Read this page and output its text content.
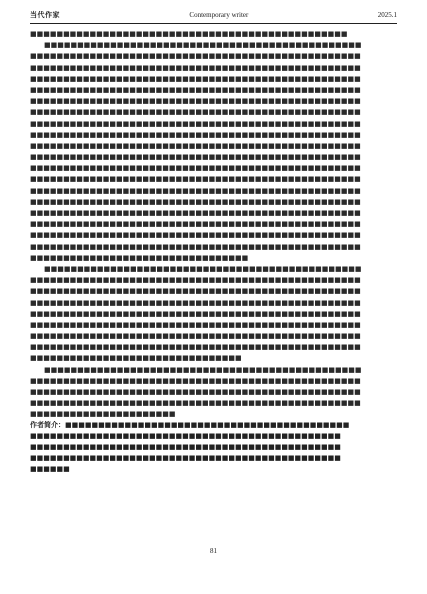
当代作家	Contemporary writer	2025.1
■■■■■■■■■■■■■■■■■■■■■■■■■■■■■■■■■■■■■■■■■■■■■■■■
■■■■■■■■■■■■■■■■■■■■■■■■■■■■■■■■■■■■■■■■■■■■■■■■
■■■■■■■■■■■■■■■■■■■■■■■■■■■■■■■■■■■■■■■■■■■■■■■■■■
■■■■■■■■■■■■■■■■■■■■■■■■■■■■■■■■■■■■■■■■■■■■■■■■■■
■■■■■■■■■■■■■■■■■■■■■■■■■■■■■■■■■■■■■■■■■■■■■■■■■■
■■■■■■■■■■■■■■■■■■■■■■■■■■■■■■■■■■■■■■■■■■■■■■■■■■
■■■■■■■■■■■■■■■■■■■■■■■■■■■■■■■■■■■■■■■■■■■■■■■■■■
■■■■■■■■■■■■■■■■■■■■■■■■■■■■■■■■■■■■■■■■■■■■■■■■■■
■■■■■■■■■■■■■■■■■■■■■■■■■■■■■■■■■■■■■■■■■■■■■■■■■■
■■■■■■■■■■■■■■■■■■■■■■■■■■■■■■■■■■■■■■■■■■■■■■■■■■
■■■■■■■■■■■■■■■■■■■■■■■■■■■■■■■■■■■■■■■■■■■■■■■■■■
■■■■■■■■■■■■■■■■■■■■■■■■■■■■■■■■■■■■■■■■■■■■■■■■■■
■■■■■■■■■■■■■■■■■■■■■■■■■■■■■■■■■■■■■■■■■■■■■■■■■■
■■■■■■■■■■■■■■■■■■■■■■■■■■■■■■■■■■■■■■■■■■■■■■■■■■
■■■■■■■■■■■■■■■■■■■■■■■■■■■■■■■■■■■■■■■■■■■■■■■■■■
■■■■■■■■■■■■■■■■■■■■■■■■■■■■■■■■■■■■■■■■■■■■■■■■■■
■■■■■■■■■■■■■■■■■■■■■■■■■■■■■■■■■■■■■■■■■■■■■■■■■■
■■■■■■■■■■■■■■■■■■■■■■■■■■■■■■■■■■■■■■■■■■■■■■■■■■
■■■■■■■■■■■■■■■■■■■■■■■■■■■■■■■■■■■■■■■■■■■■■■■■■■
■■■■■■■■■■■■■■■■■■■■■■■■■■■■■■■■■■■■■■■■■■■■■■■■■■
■■■■■■■■■■■■■■■■■■■■■■■■■■■■■■■■■
■■■■■■■■■■■■■■■■■■■■■■■■■■■■■■■■■■■■■■■■■■■■■■■■
■■■■■■■■■■■■■■■■■■■■■■■■■■■■■■■■■■■■■■■■■■■■■■■■■■
■■■■■■■■■■■■■■■■■■■■■■■■■■■■■■■■■■■■■■■■■■■■■■■■■■
■■■■■■■■■■■■■■■■■■■■■■■■■■■■■■■■■■■■■■■■■■■■■■■■■■
■■■■■■■■■■■■■■■■■■■■■■■■■■■■■■■■■■■■■■■■■■■■■■■■■■
■■■■■■■■■■■■■■■■■■■■■■■■■■■■■■■■■■■■■■■■■■■■■■■■■■
■■■■■■■■■■■■■■■■■■■■■■■■■■■■■■■■■■■■■■■■■■■■■■■■■■
■■■■■■■■■■■■■■■■■■■■■■■■■■■■■■■■■■■■■■■■■■■■■■■■■■
■■■■■■■■■■■■■■■■■■■■■■■■■■■■■■■■
■■■■■■■■■■■■■■■■■■■■■■■■■■■■■■■■■■■■■■■■■■■■■■■■
■■■■■■■■■■■■■■■■■■■■■■■■■■■■■■■■■■■■■■■■■■■■■■■■■■
■■■■■■■■■■■■■■■■■■■■■■■■■■■■■■■■■■■■■■■■■■■■■■■■■■
■■■■■■■■■■■■■■■■■■■■■■■■■■■■■■■■■■■■■■■■■■■■■■■■■■
■■■■■■■■■■■■■■■■■■■■■■
作者简介：■■■■■■■■■■■■■■■■■■■■■■■■■■■■■■■■■■■■■■■■■■■
■■■■■■■■■■■■■■■■■■■■■■■■■■■■■■■■■■■■■■■■■■■■■■■
■■■■■■■■■■■■■■■■■■■■■■■■■■■■■■■■■■■■■■■■■■■■■■■
■■■■■■■■■■■■■■■■■■■■■■■■■■■■■■■■■■■■■■■■■■■■■■■
■■■■■■
81
